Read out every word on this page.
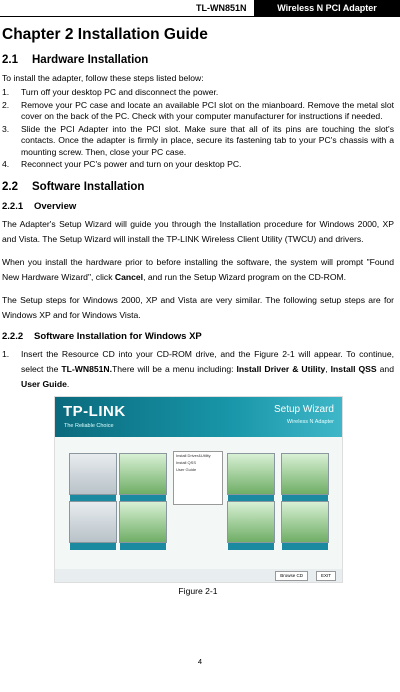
TL-WN851N	Wireless N PCI Adapter
Chapter 2 Installation Guide
2.1 Hardware Installation

To install the adapter, follow these steps listed below:

1. Turn off your desktop PC and disconnect the power.
2. Remove your PC case and locate an available PCI slot on the mianboard. Remove the metal slot cover on the back of the PC. Check with your computer manufacturer for instructions if needed.
3. Slide the PCI Adapter into the PCI slot. Make sure that all of its pins are touching the slot's contacts. Once the adapter is firmly in place, secure its fastening tab to your PC's chassis with a mounting screw. Then, close your PC case.
4. Reconnect your PC's power and turn on your desktop PC.
2.2 Software Installation
2.2.1 Overview

The Adapter's Setup Wizard will guide you through the Installation procedure for Windows 2000, XP and Vista. The Setup Wizard will install the TP-LINK Wireless Client Utility (TWCU) and drivers.

When you install the hardware prior to before installing the software, the system will prompt "Found New Hardware Wizard", click Cancel, and run the Setup Wizard program on the CD-ROM.

The Setup steps for Windows 2000, XP and Vista are very similar. The following setup steps are for Windows XP and for Windows Vista.

2.2.2 Software Installation for Windows XP
1. Insert the Resource CD into your CD-ROM drive, and the Figure 2-1 will appear. To continue, select the TL-WN851N.There will be a menu including: Install Driver & Utility, Install QSS and User Guide.
TP-LINK
The Reliable Choice
Setup Wizard
Wireless N Adapter
Install Driver&Utility
Install QSS
User Guide
Browse CD	EXIT
Figure 2-1
4
